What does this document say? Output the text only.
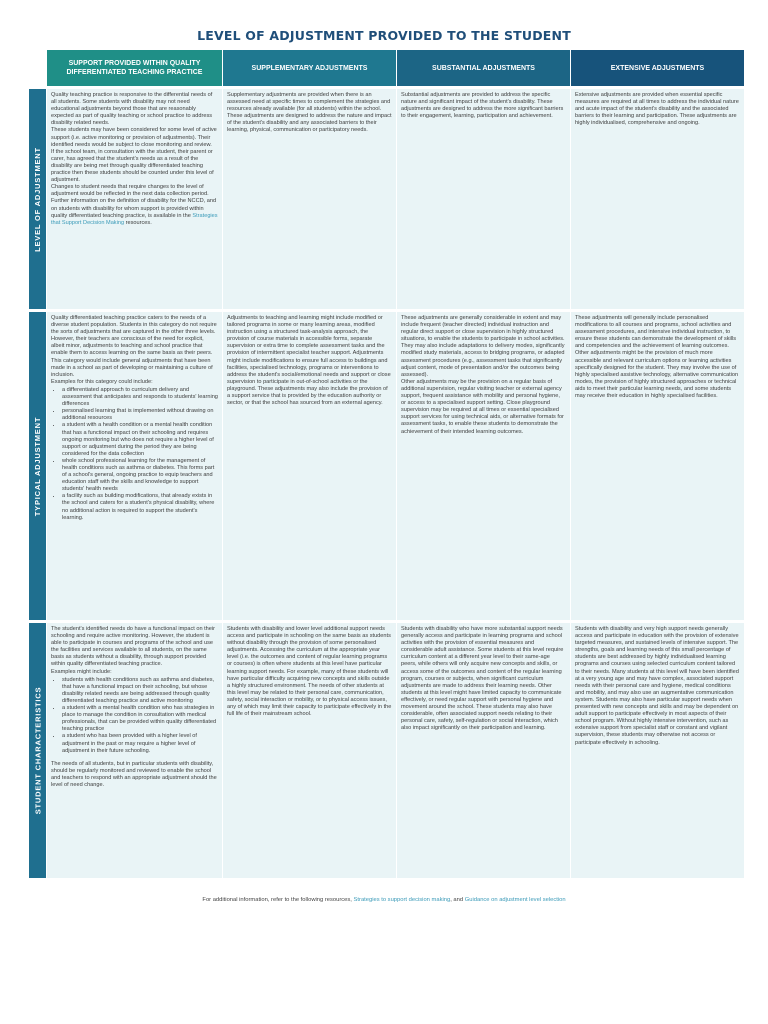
LEVEL OF ADJUSTMENT PROVIDED TO THE STUDENT
SUPPORT PROVIDED WITHIN QUALITY DIFFERENTIATED TEACHING PRACTICE
SUPPLEMENTARY ADJUSTMENTS	SUBSTANTIAL ADJUSTMENTS	EXTENSIVE ADJUSTMENTS
LEVEL OF ADJUSTMENT

Quality teaching practice is responsive to the differential needs of all students. Some students with disability may not need educational adjustments beyond those that are reasonably expected as part of quality teaching or school practice to address disability related needs.

These students may have been considered for some level of active support (i.e. active monitoring or provision of adjustments). Their identified needs would be subject to close monitoring and review.

If the school team, in consultation with the student, their parent or carer, has agreed that the student's needs as a result of the disability are being met through quality differentiated teaching practice then these students should be counted under this level of adjustment.

Changes to student needs that require changes to the level of adjustment would be reflected in the next data collection period.

Further information on the definition of disability for the NCCD, and on students with disability for whom support is provided within quality differentiated teaching practice, is available in the Strategies that Support Decision Making resources.

Supplementary adjustments are provided when there is an assessed need at specific times to complement the strategies and resources already available (for all students) within the school. These adjustments are designed to address the nature and impact of the student's disability and any associated barriers to their learning, physical, communication or participatory needs.

Substantial adjustments are provided to address the specific nature and significant impact of the student's disability. These adjustments are designed to address the more significant barriers to their engagement, learning, participation and achievement.

Extensive adjustments are provided when essential specific measures are required at all times to address the individual nature and acute impact of the student's disability and the associated barriers to their learning and participation. These adjustments are highly individualised, comprehensive and ongoing.

TYPICAL ADJUSTMENT

Quality differentiated teaching practice caters to the needs of a diverse student population. Students in this category do not require the sorts of adjustments that are captured in the other three levels. However, their teachers are conscious of the need for explicit, albeit minor, adjustments to teaching and school practice that enable them to access learning on the same basis as their peers. This category would include general adjustments that have been made in a school as part of developing or maintaining a culture of inclusion.

Examples for this category could include:

• a differentiated approach to curriculum delivery and assessment that anticipates and responds to students' learning differences
• personalised learning that is implemented without drawing on additional resources
• a student with a health condition or a mental health condition that has a functional impact on their schooling and requires ongoing monitoring but who does not require a higher level of support or adjustment during the period they are being considered for the data collection
• whole school professional learning for the management of health conditions such as asthma or diabetes. This forms part of a school's general, ongoing practice to equip teachers and education staff with the skills and knowledge to support students' health needs
• a facility such as building modifications, that already exists in the school and caters for a student's physical disability, where no additional action is required to support the student's learning.

Adjustments to teaching and learning might include modified or tailored programs in some or many learning areas, modified instruction using a structured task-analysis approach, the provision of course materials in accessible forms, separate supervision or extra time to complete assessment tasks and the provision of intermittent specialist teacher support. Adjustments might include modifications to ensure full access to buildings and facilities, specialised technology, programs or interventions to address the student's social/emotional needs and support or close supervision to participate in out-of-school activities or the playground. These adjustments may also include the provision of a support service that is provided by the education authority or sector, or that the school has sourced from an external agency.

These adjustments are generally considerable in extent and may include frequent (teacher directed) individual instruction and regular direct support or close supervision in highly structured situations, to enable the students to participate in school activities. They may also include adaptations to delivery modes, significantly modified study materials, access to bridging programs, or adapted assessment procedures (e.g., assessment tasks that significantly adjust content, mode of presentation and/or the outcomes being assessed).

Other adjustments may be the provision on a regular basis of additional supervision, regular visiting teacher or external agency support, frequent assistance with mobility and personal hygiene, or access to a specialised support setting. Close playground supervision may be required at all times or essential specialised support services for using technical aids, or alternative formats for assessment tasks, to enable these students to demonstrate the achievement of their intended learning outcomes.

These adjustments will generally include personalised modifications to all courses and programs, school activities and assessment procedures, and intensive individual instruction, to ensure these students can demonstrate the development of skills and competencies and the achievement of learning outcomes. Other adjustments might be the provision of much more accessible and relevant curriculum options or learning activities specifically designed for the student. They may involve the use of highly specialised assistive technology, alternative communication modes, the provision of highly structured approaches or technical aids to meet their particular learning needs, and some students may receive their education in highly specialised facilities.

STUDENT CHARACTERISTICS

The student's identified needs do have a functional impact on their schooling and require active monitoring. However, the student is able to participate in courses and programs of the school and use the facilities and services available to all students, on the same basis as students without a disability, through support provided within quality differentiated teaching practice.

Examples might include:

• students with health conditions such as asthma and diabetes, that have a functional impact on their schooling, but whose disability related needs are being addressed through quality differentiated teaching practice and active monitoring
• a student with a mental health condition who has strategies in place to manage the condition in consultation with medical professionals, that can be provided within quality differentiated teaching practice
• a student who has been provided with a higher level of adjustment in the past or may require a higher level of adjustment in their future schooling.

The needs of all students, but in particular students with disability, should be regularly monitored and reviewed to enable the school and teachers to respond with an appropriate adjustment should the level of need change.

Students with disability and lower level additional support needs access and participate in schooling on the same basis as students without disability through the provision of some personalised adjustments. Accessing the curriculum at the appropriate year level (i.e. the outcomes and content of regular learning programs or courses) is often where students at this level have particular learning support needs. For example, many of these students will have particular difficulty acquiring new concepts and skills outside a highly structured environment. The needs of other students at this level may be related to their personal care, communication, safety, social interaction or mobility, or to physical access issues, any of which may limit their capacity to participate effectively in the full life of their mainstream school.

Students with disability who have more substantial support needs generally access and participate in learning programs and school activities with the provision of essential measures and considerable adult assistance. Some students at this level require curriculum content at a different year level to their same-age peers, while others will only acquire new concepts and skills, or access some of the outcomes and content of the regular learning program, courses or subjects, when significant curriculum adjustments are made to address their learning needs. Other students at this level might have limited capacity to communicate effectively, or need regular support with personal hygiene and movement around the school. These students may also have considerable, often associated support needs relating to their personal care, safety, self-regulation or social interaction, which also impact significantly on their participation and learning.

Students with disability and very high support needs generally access and participate in education with the provision of extensive targeted measures, and sustained levels of intensive support. The strengths, goals and learning needs of this small percentage of students are best addressed by highly individualised learning programs and courses using selected curriculum content tailored to their needs. Many students at this level will have been identified at a very young age and may have complex, associated support needs with their personal care and hygiene, medical conditions and mobility, and may also use an augmentative communication system. Students may also have particular support needs when presented with new concepts and skills and may be dependent on adult support to participate effectively in most aspects of their school program. Without highly intensive intervention, such as extensive support from specialist staff or constant and vigilant supervision, these students may otherwise not access or participate effectively in schooling.

For additional information, refer to the following resources, Strategies to support decision making, and Guidance on adjustment level selection
